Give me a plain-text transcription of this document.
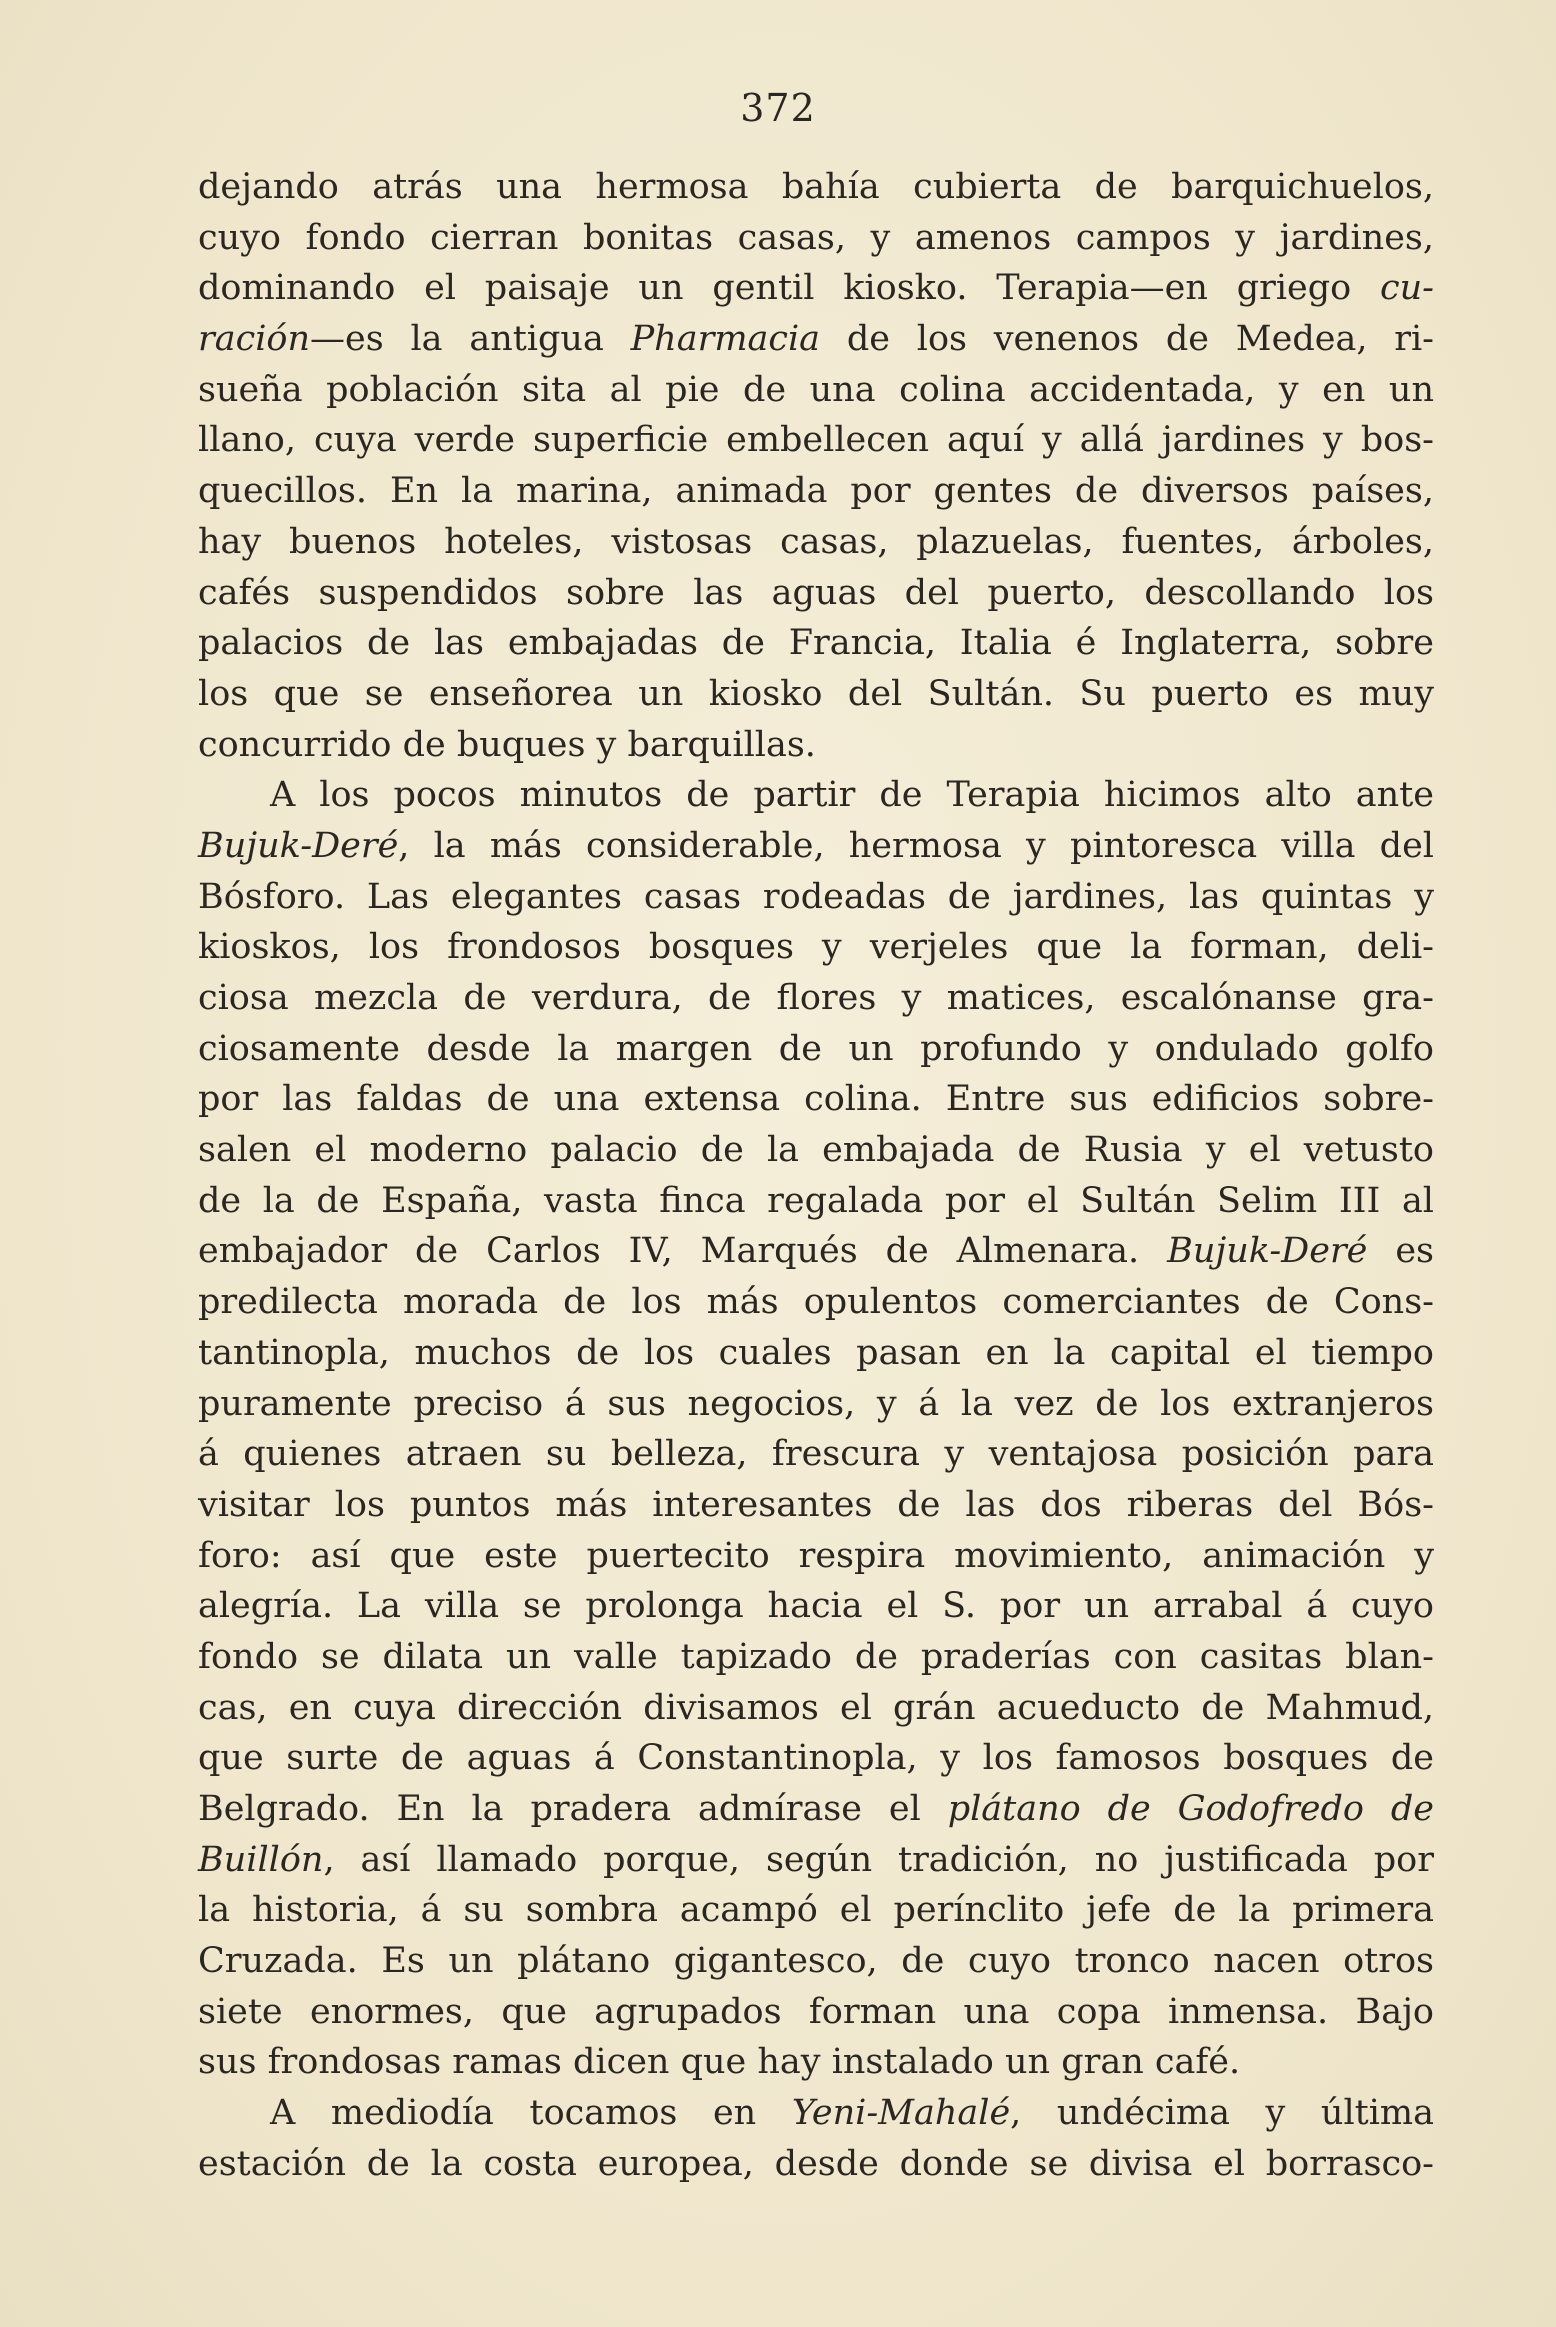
372
dejando atrás una hermosa bahía cubierta de barquichuelos,
cuyo fondo cierran bonitas casas, y amenos campos y jardines,
dominando el paisaje un gentil kiosko. Terapia—en griego cu-
ración—es la antigua Pharmacia de los venenos de Medea, ri-
sueña población sita al pie de una colina accidentada, y en un
llano, cuya verde superficie embellecen aquí y allá jardines y bos-
quecillos. En la marina, animada por gentes de diversos países,
hay buenos hoteles, vistosas casas, plazuelas, fuentes, árboles,
cafés suspendidos sobre las aguas del puerto, descollando los
palacios de las embajadas de Francia, Italia é Inglaterra, sobre
los que se enseñorea un kiosko del Sultán. Su puerto es muy
concurrido de buques y barquillas.
A los pocos minutos de partir de Terapia hicimos alto ante
Bujuk-Deré, la más considerable, hermosa y pintoresca villa del
Bósforo. Las elegantes casas rodeadas de jardines, las quintas y
kioskos, los frondosos bosques y verjeles que la forman, deli-
ciosa mezcla de verdura, de flores y matices, escalónanse gra-
ciosamente desde la margen de un profundo y ondulado golfo
por las faldas de una extensa colina. Entre sus edificios sobre-
salen el moderno palacio de la embajada de Rusia y el vetusto
de la de España, vasta finca regalada por el Sultán Selim III al
embajador de Carlos IV, Marqués de Almenara. Bujuk-Deré es
predilecta morada de los más opulentos comerciantes de Cons-
tantinopla, muchos de los cuales pasan en la capital el tiempo
puramente preciso á sus negocios, y á la vez de los extranjeros
á quienes atraen su belleza, frescura y ventajosa posición para
visitar los puntos más interesantes de las dos riberas del Bós-
foro: así que este puertecito respira movimiento, animación y
alegría. La villa se prolonga hacia el S. por un arrabal á cuyo
fondo se dilata un valle tapizado de praderías con casitas blan-
cas, en cuya dirección divisamos el grán acueducto de Mahmud,
que surte de aguas á Constantinopla, y los famosos bosques de
Belgrado. En la pradera admírase el plátano de Godofredo de
Buillón, así llamado porque, según tradición, no justificada por
la historia, á su sombra acampó el perínclito jefe de la primera
Cruzada. Es un plátano gigantesco, de cuyo tronco nacen otros
siete enormes, que agrupados forman una copa inmensa. Bajo
sus frondosas ramas dicen que hay instalado un gran café.
A mediodía tocamos en Yeni-Mahalé, undécima y última
estación de la costa europea, desde donde se divisa el borrasco-
